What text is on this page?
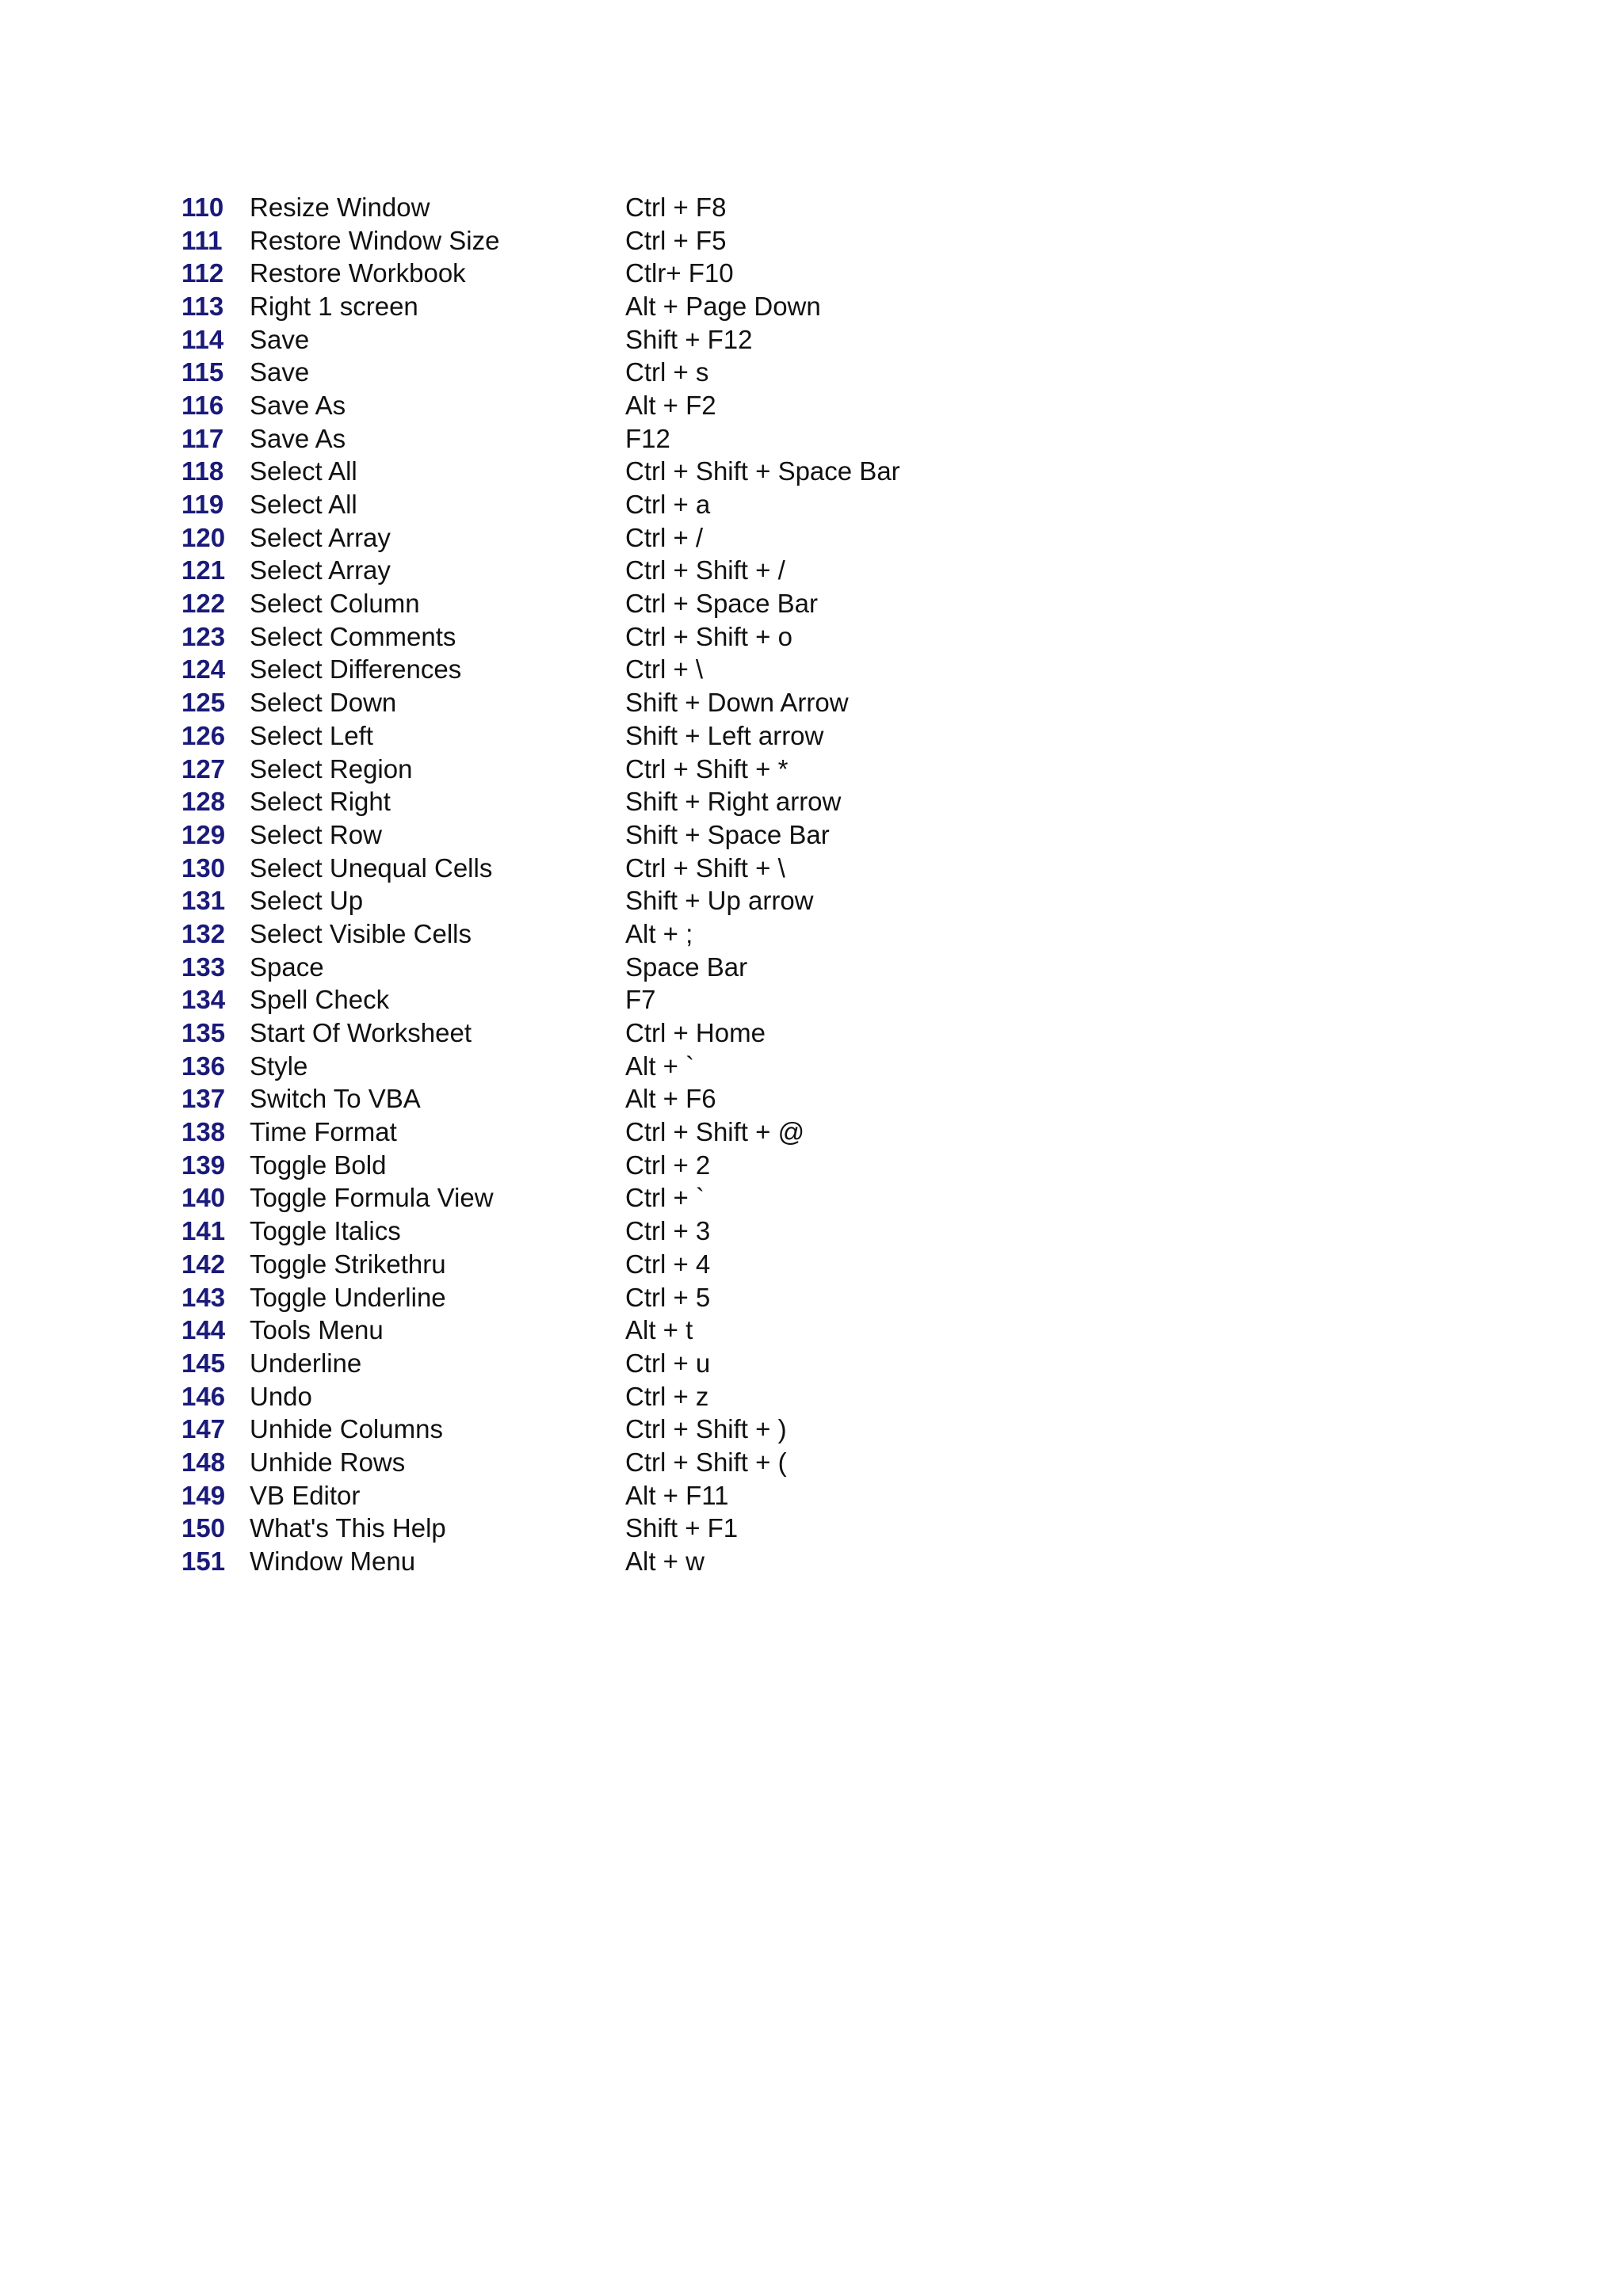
110 Resize Window	Ctrl + F8
111	Restore Window Size	Ctrl + F5
112 Restore Workbook	Ctlr+ F10
113 Right 1 screen	Alt + Page Down
114 Save	Shift + F12
115 Save	Ctrl + s
116 Save As	Alt + F2
117 Save As	F12
118 Select All	Ctrl + Shift + Space Bar
119 Select All	Ctrl + a
120 Select Array	Ctrl + /
121 Select Array	Ctrl + Shift + /
122 Select Column	Ctrl + Space Bar
123 Select Comments	Ctrl + Shift + o
124 Select Differences	Ctrl + \
125 Select Down	Shift + Down Arrow
126 Select Left	Shift + Left arrow
127 Select Region	Ctrl + Shift + *
128 Select Right	Shift + Right arrow
129 Select Row	Shift + Space Bar
130 Select Unequal Cells	Ctrl + Shift + \
131 Select Up	Shift + Up arrow
132 Select Visible Cells	Alt + ;
133 Space	Space Bar
134 Spell Check	F7
135 Start Of Worksheet	Ctrl + Home
136 Style	Alt + `
137 Switch To VBA	Alt + F6
138 Time Format	Ctrl + Shift + @
139 Toggle Bold	Ctrl + 2
140 Toggle Formula View	Ctrl + `
141 Toggle Italics	Ctrl + 3
142 Toggle Strikethru	Ctrl + 4
143 Toggle Underline	Ctrl + 5
144 Tools Menu	Alt + t
145 Underline	Ctrl + u
146 Undo	Ctrl + z
147 Unhide Columns	Ctrl + Shift + )
148 Unhide Rows	Ctrl + Shift + (
149 VB Editor	Alt + F11
150 What's This Help	Shift + F1
151 Window Menu	Alt + w
